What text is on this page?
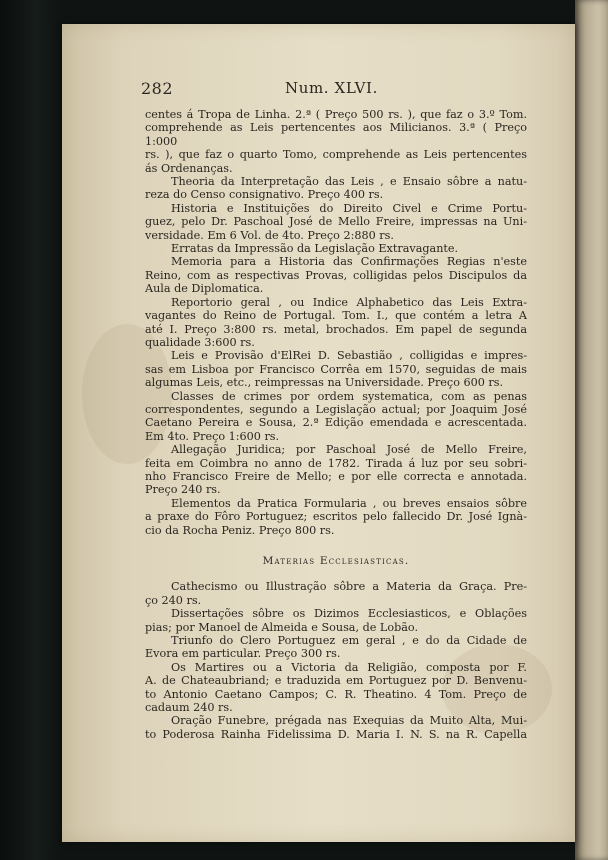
282	Num. XLVI.
centes á Tropa de Linha. 2.ª ( Preço 500 rs. ), que faz o 3.º Tom.
comprehende as Leis pertencentes aos Milicianos. 3.ª ( Preço 1:000
rs. ), que faz o quarto Tomo, comprehende as Leis pertencentes
ás Ordenanças.
Theoria da Interpretação das Leis , e Ensaio sôbre a natu-
reza do Censo consignativo. Preço 400 rs.
Historia e Instituições do Direito Civel e Crime Portu-
guez, pelo Dr. Paschoal José de Mello Freire, impressas na Uni-
versidade. Em 6 Vol. de 4to. Preço 2:880 rs.
Erratas da Impressão da Legislação Extravagante.
Memoria para a Historia das Confirmações Regias n'este
Reino, com as respectivas Provas, colligidas pelos Discipulos da
Aula de Diplomatica.
Reportorio geral , ou Indice Alphabetico das Leis Extra-
vagantes do Reino de Portugal. Tom. I., que contém a letra A
até I. Preço 3:800 rs. metal, brochados. Em papel de segunda
qualidade 3:600 rs.
Leis e Provisão d'ElRei D. Sebastião , colligidas e impres-
sas em Lisboa por Francisco Corrêa em 1570, seguidas de mais
algumas Leis, etc., reimpressas na Universidade. Preço 600 rs.
Classes de crimes por ordem systematica, com as penas
correspondentes, segundo a Legislação actual; por Joaquim José
Caetano Pereira e Sousa, 2.ª Edição emendada e acrescentada.
Em 4to. Preço 1:600 rs.
Allegação Juridica; por Paschoal José de Mello Freire,
feita em Coimbra no anno de 1782. Tirada á luz por seu sobri-
nho Francisco Freire de Mello; e por elle correcta e annotada.
Preço 240 rs.
Elementos da Pratica Formularia , ou breves ensaios sôbre
a praxe do Fôro Portuguez; escritos pelo fallecido Dr. José Ignà-
cio da Rocha Peniz. Preço 800 rs.
Materias Ecclesiasticas.
Cathecismo ou Illustração sôbre a Materia da Graça. Pre-
ço 240 rs.
Dissertações sôbre os Dizimos Ecclesiasticos, e Oblações
pias; por Manoel de Almeida e Sousa, de Lobão.
Triunfo do Clero Portuguez em geral , e do da Cidade de
Evora em particular. Preço 300 rs.
Os Martires ou a Victoria da Religião, composta por F.
A. de Chateaubriand; e traduzida em Portuguez por D. Benvenu-
to Antonio Caetano Campos; C. R. Theatino. 4 Tom. Preço de
cadaum 240 rs.
Oração Funebre, prégada nas Exequias da Muito Alta, Mui-
to Poderosa Rainha Fidelissima D. Maria I. N. S. na R. Capella
